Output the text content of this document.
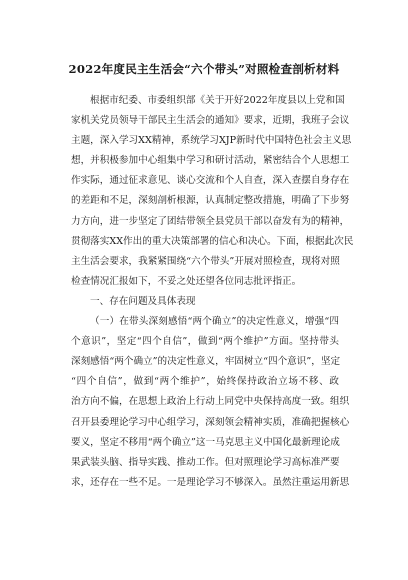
2022年度民主生活会“六个带头”对照检查剖析材料
根据市纪委、市委组织部《关于开好2022年度县以上党和国
家机关党员领导干部民主生活会的通知》要求，近期，我班子会议
主题，深入学习XX精神，系统学习XJP新时代中国特色社会主义思
想，并积极参加中心组集中学习和研讨活动，紧密结合个人思想工
作实际，通过征求意见、谈心交流和个人自查，深入查摆自身存在
的差距和不足，深刻剖析根源，认真制定整改措施，明确了下步努
力方向，进一步坚定了团结带领全县党员干部以奋发有为的精神，
贯彻落实XX作出的重大决策部署的信心和决心。下面，根据此次民
主生活会要求，我紧紧围绕“六个带头”开展对照检查，现将对照
检查情况汇报如下，不妥之处还望各位同志批评指正。
一、存在问题及具体表现
（一）在带头深刻感悟“两个确立”的决定性意义，增强“四
个意识”，坚定“四个自信”，做到“两个维护”方面。坚持带头
深刻感悟“两个确立”的决定性意义，牢固树立“四个意识”，坚定
“四个自信”，做到“两个维护”，始终保持政治立场不移、政
治方向不偏，在思想上政治上行动上同党中央保持高度一致。组织
召开县委理论学习中心组学习，深刻领会精神实质，准确把握核心
要义，坚定不移用“两个确立”这一马克思主义中国化最新理论成
果武装头脑、指导实践、推动工作。但对照理论学习高标准严要
求，还存在一些不足。一是理论学习不够深入。虽然注重运用新思
